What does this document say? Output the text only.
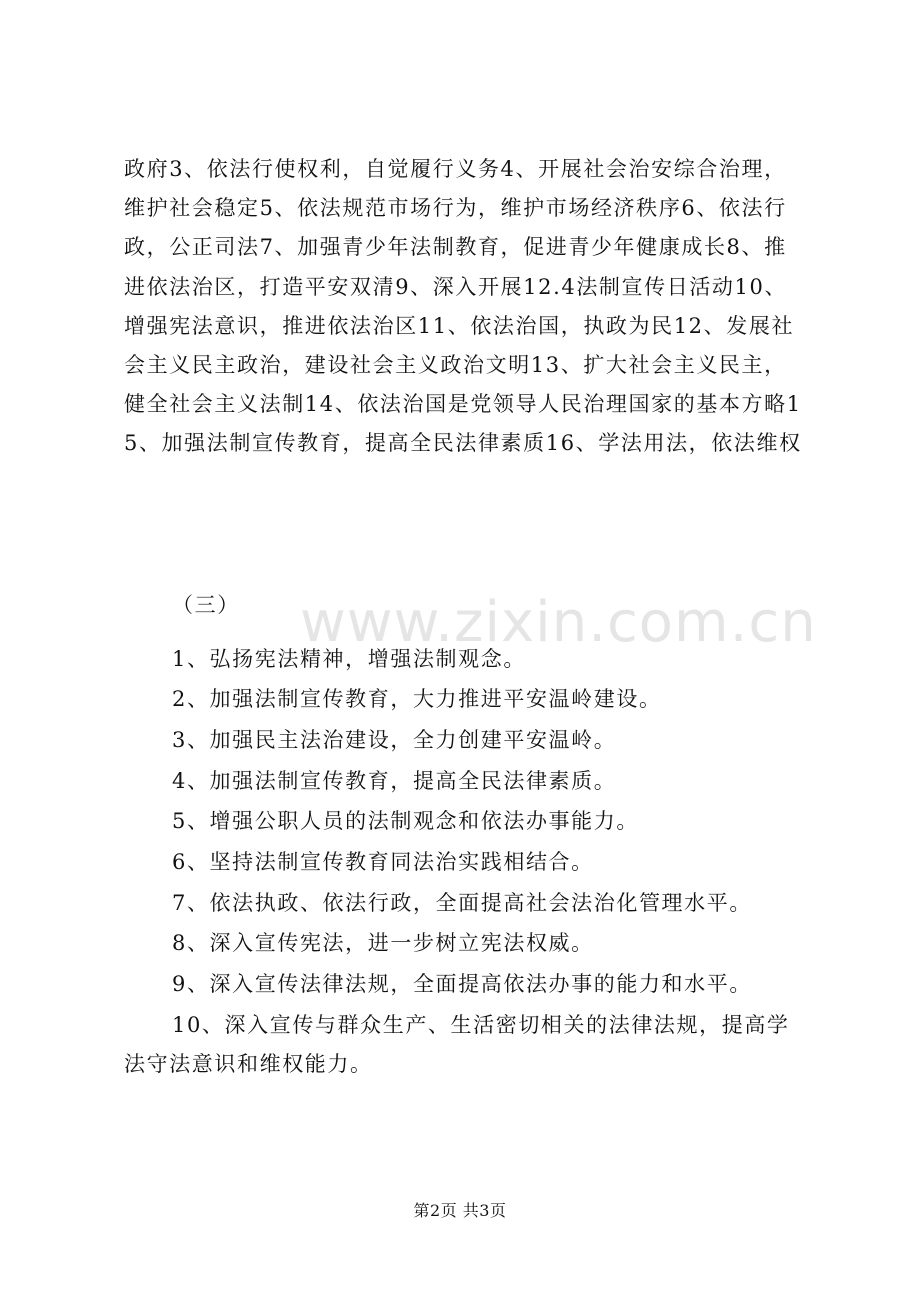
政府3、依法行使权利，自觉履行义务4、开展社会治安综合治理，维护社会稳定5、依法规范市场行为，维护市场经济秩序6、依法行政，公正司法7、加强青少年法制教育，促进青少年健康成长8、推进依法治区，打造平安双清9、深入开展12.4法制宣传日活动10、增强宪法意识，推进依法治区11、依法治国，执政为民12、发展社会主义民主政治，建设社会主义政治文明13、扩大社会主义民主，健全社会主义法制14、依法治国是党领导人民治理国家的基本方略15、加强法制宣传教育，提高全民法律素质16、学法用法，依法维权

（三）

1、弘扬宪法精神，增强法制观念。

2、加强法制宣传教育，大力推进平安温岭建设。

3、加强民主法治建设，全力创建平安温岭。

4、加强法制宣传教育，提高全民法律素质。

5、增强公职人员的法制观念和依法办事能力。

6、坚持法制宣传教育同法治实践相结合。

7、依法执政、依法行政，全面提高社会法治化管理水平。

8、深入宣传宪法，进一步树立宪法权威。

9、深入宣传法律法规，全面提高依法办事的能力和水平。

10、深入宣传与群众生产、生活密切相关的法律法规，提高学法守法意识和维权能力。

www.zixin.com.cn
第2页 共3页
